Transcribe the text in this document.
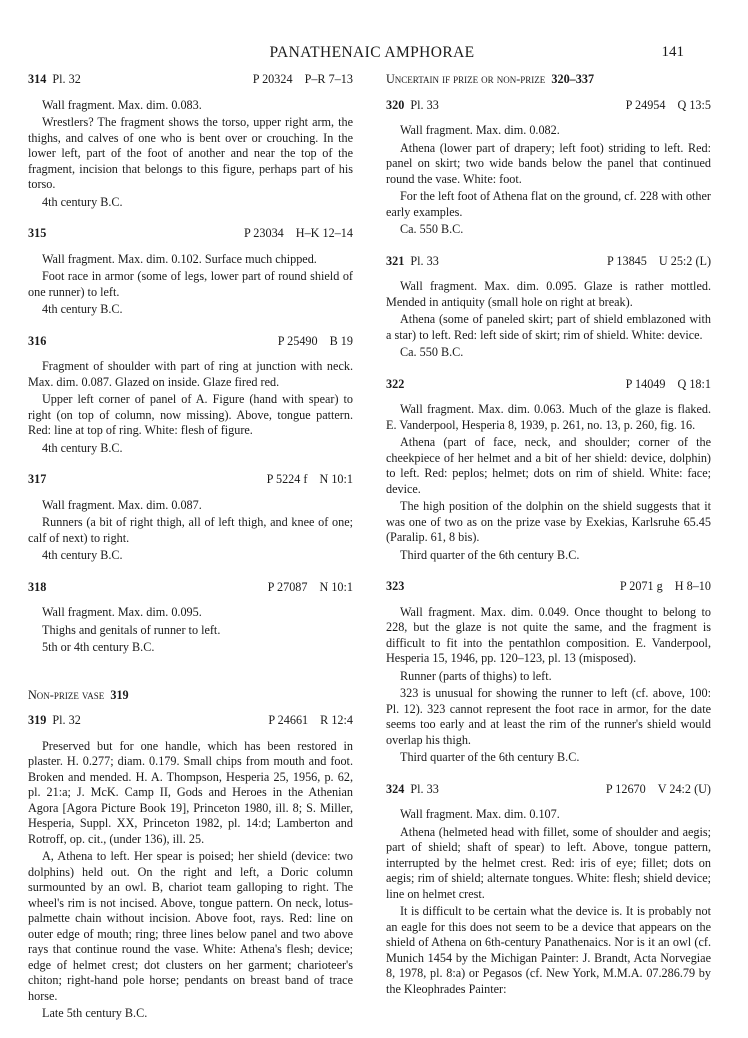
PANATHENAIC AMPHORAE	141
314 Pl. 32	P 20324 P–R 7–13

Wall fragment. Max. dim. 0.083.

Wrestlers? The fragment shows the torso, upper right arm, the thighs, and calves of one who is bent over or crouching. In the lower left, part of the foot of another and near the top of the fragment, incision that belongs to this figure, perhaps part of his torso.

4th century B.C.

315	P 23034 H–K 12–14

Wall fragment. Max. dim. 0.102. Surface much chipped.

Foot race in armor (some of legs, lower part of round shield of one runner) to left.

4th century B.C.

316	P 25490 B 19

Fragment of shoulder with part of ring at junction with neck. Max. dim. 0.087. Glazed on inside. Glaze fired red.

Upper left corner of panel of A. Figure (hand with spear) to right (on top of column, now missing). Above, tongue pattern. Red: line at top of ring. White: flesh of figure.

4th century B.C.

317	P 5224 f N 10:1

Wall fragment. Max. dim. 0.087.

Runners (a bit of right thigh, all of left thigh, and knee of one; calf of next) to right.

4th century B.C.

318	P 27087 N 10:1

Wall fragment. Max. dim. 0.095.

Thighs and genitals of runner to left.

5th or 4th century B.C.

Non-prize vase 319
319 Pl. 32	P 24661 R 12:4

Preserved but for one handle, which has been restored in plaster. H. 0.277; diam. 0.179. Small chips from mouth and foot. Broken and mended. H. A. Thompson, Hesperia 25, 1956, p. 62, pl. 21:a; J. McK. Camp II, Gods and Heroes in the Athenian Agora [Agora Picture Book 19], Princeton 1980, ill. 8; S. Miller, Hesperia, Suppl. XX, Princeton 1982, pl. 14:d; Lamberton and Rotroff, op. cit., (under 136), ill. 25.

A, Athena to left. Her spear is poised; her shield (device: two dolphins) held out. On the right and left, a Doric column surmounted by an owl. B, chariot team galloping to right. The wheel's rim is not incised. Above, tongue pattern. On neck, lotus-palmette chain without incision. Above foot, rays. Red: line on outer edge of mouth; ring; three lines below panel and two above rays that continue round the vase. White: Athena's flesh; device; edge of helmet crest; dot clusters on her garment; charioteer's chiton; right-hand pole horse; pendants on breast band of trace horse.

Late 5th century B.C.

Uncertain if prize or non-prize 320–337
320 Pl. 33	P 24954 Q 13:5

Wall fragment. Max. dim. 0.082.

Athena (lower part of drapery; left foot) striding to left. Red: panel on skirt; two wide bands below the panel that continued round the vase. White: foot.

For the left foot of Athena flat on the ground, cf. 228 with other early examples.

Ca. 550 B.C.

321 Pl. 33	P 13845 U 25:2 (L)

Wall fragment. Max. dim. 0.095. Glaze is rather mottled. Mended in antiquity (small hole on right at break).

Athena (some of paneled skirt; part of shield emblazoned with a star) to left. Red: left side of skirt; rim of shield. White: device.

Ca. 550 B.C.

322	P 14049 Q 18:1

Wall fragment. Max. dim. 0.063. Much of the glaze is flaked. E. Vanderpool, Hesperia 8, 1939, p. 261, no. 13, p. 260, fig. 16.

Athena (part of face, neck, and shoulder; corner of the cheekpiece of her helmet and a bit of her shield: device, dolphin) to left. Red: peplos; helmet; dots on rim of shield. White: face; device.

The high position of the dolphin on the shield suggests that it was one of two as on the prize vase by Exekias, Karlsruhe 65.45 (Paralip. 61, 8 bis).

Third quarter of the 6th century B.C.

323	P 2071 g H 8–10

Wall fragment. Max. dim. 0.049. Once thought to belong to 228, but the glaze is not quite the same, and the fragment is difficult to fit into the pentathlon composition. E. Vanderpool, Hesperia 15, 1946, pp. 120–123, pl. 13 (misposed).

Runner (parts of thighs) to left.

323 is unusual for showing the runner to left (cf. above, 100: Pl. 12). 323 cannot represent the foot race in armor, for the date seems too early and at least the rim of the runner's shield would overlap his thigh.

Third quarter of the 6th century B.C.

324 Pl. 33	P 12670 V 24:2 (U)

Wall fragment. Max. dim. 0.107.

Athena (helmeted head with fillet, some of shoulder and aegis; part of shield; shaft of spear) to left. Above, tongue pattern, interrupted by the helmet crest. Red: iris of eye; fillet; dots on aegis; rim of shield; alternate tongues. White: flesh; shield device; line on helmet crest.

It is difficult to be certain what the device is. It is probably not an eagle for this does not seem to be a device that appears on the shield of Athena on 6th-century Panathenaics. Nor is it an owl (cf. Munich 1454 by the Michigan Painter: J. Brandt, Acta Norvegiae 8, 1978, pl. 8:a) or Pegasos (cf. New York, M.M.A. 07.286.79 by the Kleophrades Painter:
